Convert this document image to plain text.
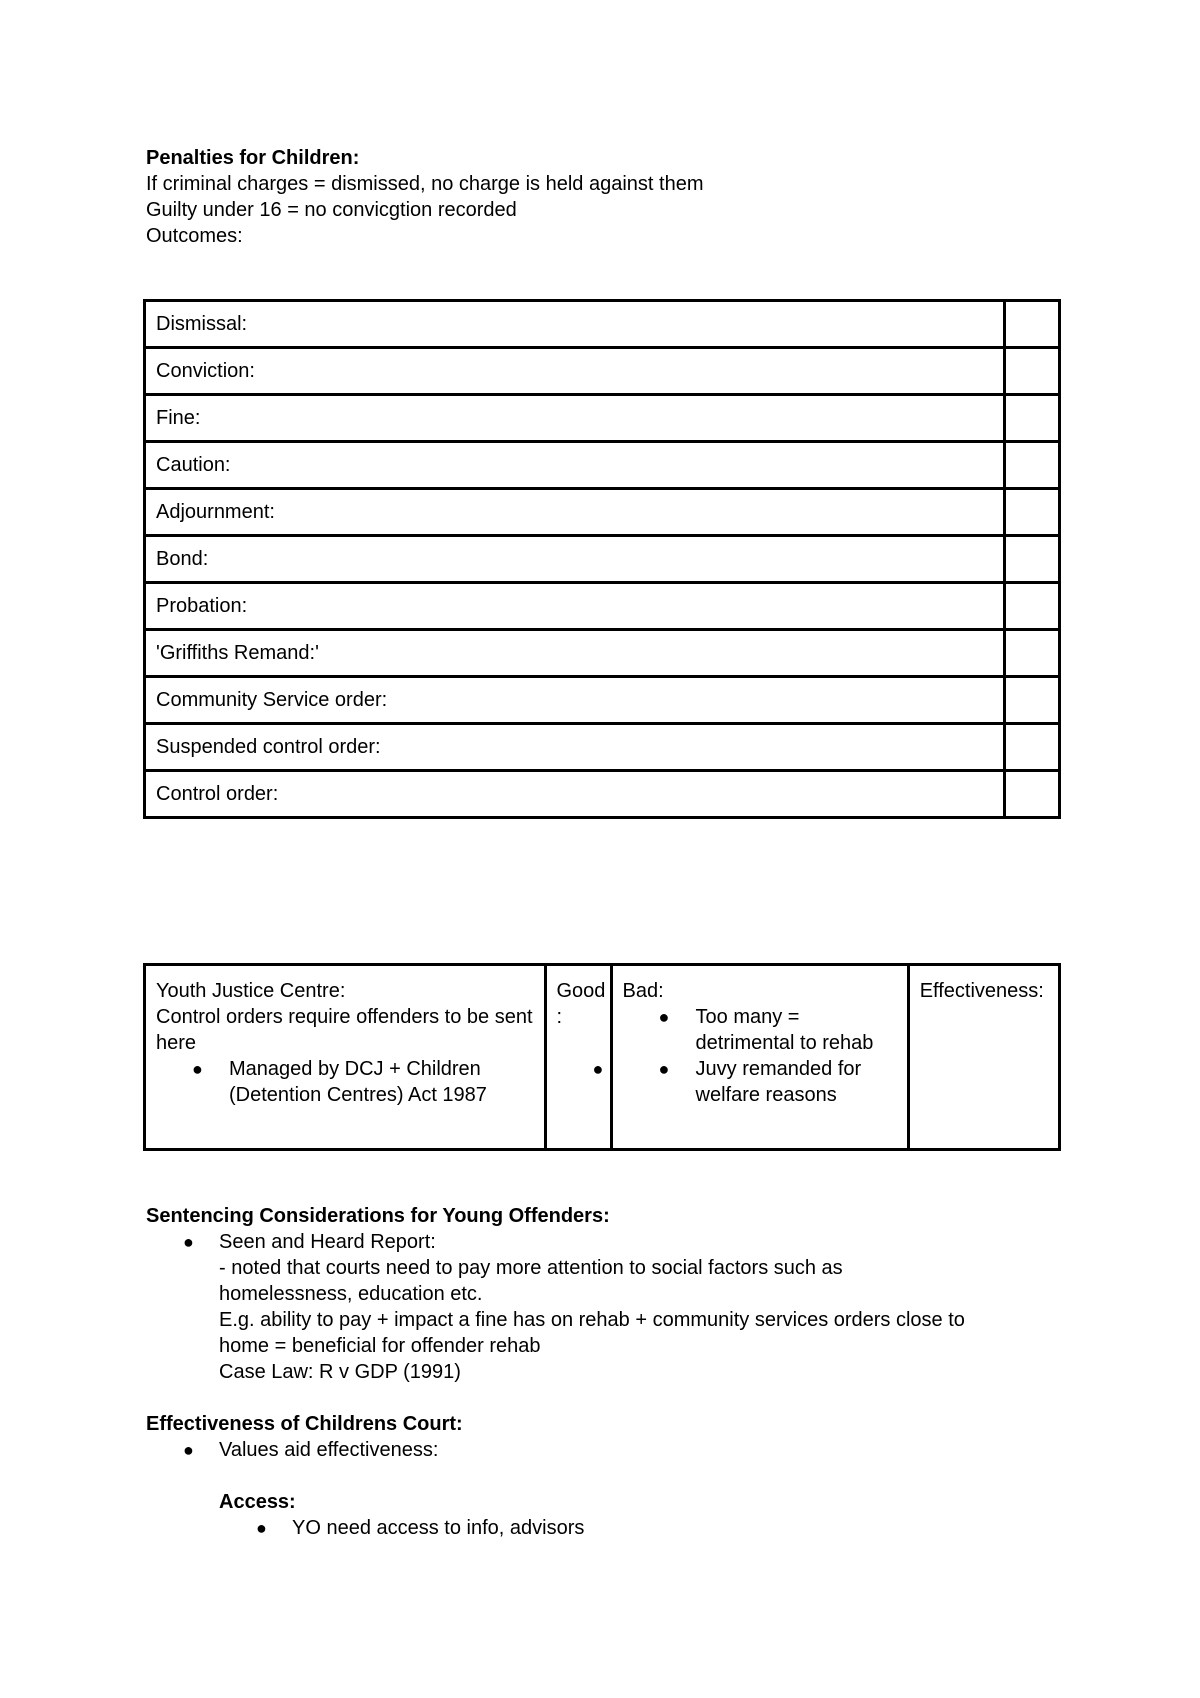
Penalties for Children:
If criminal charges = dismissed, no charge is held against them
Guilty under 16 = no convicgtion recorded
Outcomes:
Dismissal:	
Conviction:	
Fine:	
Caution:	
Adjournment:	
Bond:	
Probation:	
'Griffiths Remand:'	
Community Service order:	
Suspended control order:	
Control order:	
Youth Justice Centre:
Control orders require offenders to be sent here
● Managed by DCJ + Children (Detention Centres) Act 1987

Good :
●

Bad:
● Too many = detrimental to rehab
● Juvy remanded for welfare reasons

Effectiveness:
Sentencing Considerations for Young Offenders:
● Seen and Heard Report:
- noted that courts need to pay more attention to social factors such as
homelessness, education etc.
E.g. ability to pay + impact a fine has on rehab + community services orders close to
home = beneficial for offender rehab
Case Law: R v GDP (1991)
Effectiveness of Childrens Court:
● Values aid effectiveness:
Access:
● YO need access to info, advisors
